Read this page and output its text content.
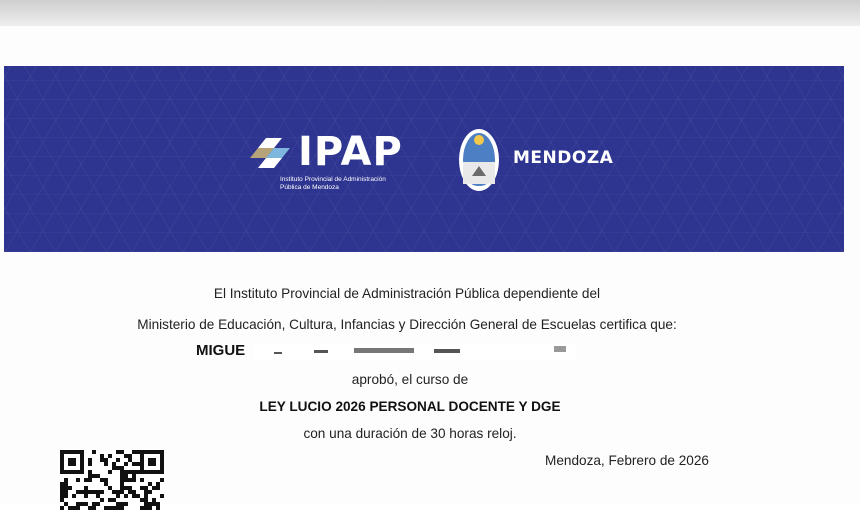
IPAP
Instituto Provincial de Administración
Pública de Mendoza
MENDOZA
El Instituto Provincial de Administración Pública dependiente del
Ministerio de Educación, Cultura, Infancias y Dirección General de Escuelas certifica que:
MIGUE
aprobó, el curso de
LEY LUCIO 2026 PERSONAL DOCENTE Y DGE
con una duración de 30 horas reloj.
Mendoza, Febrero de 2026
